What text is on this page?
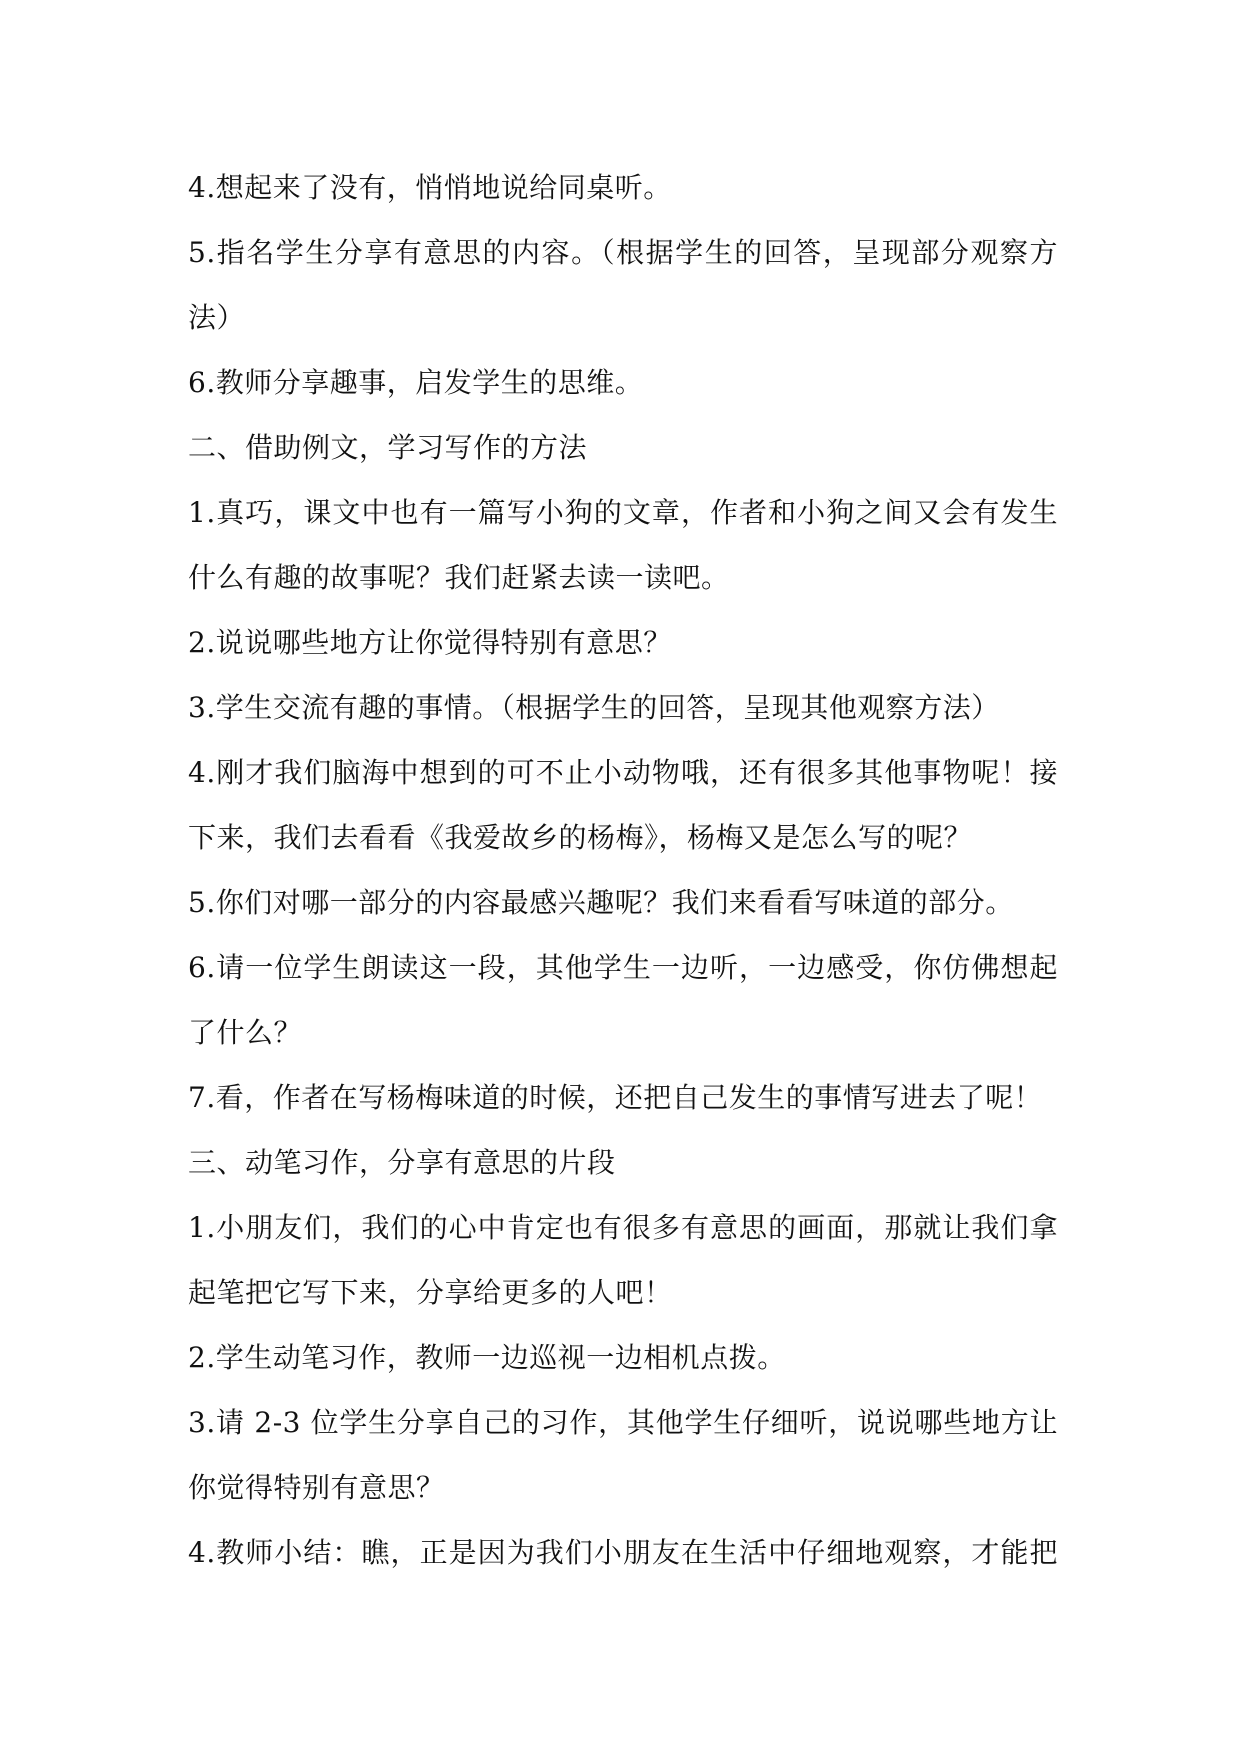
4.想起来了没有，悄悄地说给同桌听。
5.指名学生分享有意思的内容。（根据学生的回答，呈现部分观察方
法）
6.教师分享趣事，启发学生的思维。
二、借助例文，学习写作的方法
1.真巧，课文中也有一篇写小狗的文章，作者和小狗之间又会有发生
什么有趣的故事呢？我们赶紧去读一读吧。
2.说说哪些地方让你觉得特别有意思？
3.学生交流有趣的事情。（根据学生的回答，呈现其他观察方法）
4.刚才我们脑海中想到的可不止小动物哦，还有很多其他事物呢！接
下来，我们去看看《我爱故乡的杨梅》，杨梅又是怎么写的呢？
5.你们对哪一部分的内容最感兴趣呢？我们来看看写味道的部分。
6.请一位学生朗读这一段，其他学生一边听，一边感受，你仿佛想起
了什么？
7.看，作者在写杨梅味道的时候，还把自己发生的事情写进去了呢！
三、动笔习作，分享有意思的片段
1.小朋友们，我们的心中肯定也有很多有意思的画面，那就让我们拿
起笔把它写下来，分享给更多的人吧！
2.学生动笔习作，教师一边巡视一边相机点拨。
3.请 2-3 位学生分享自己的习作，其他学生仔细听，说说哪些地方让
你觉得特别有意思？
4.教师小结：瞧，正是因为我们小朋友在生活中仔细地观察，才能把
